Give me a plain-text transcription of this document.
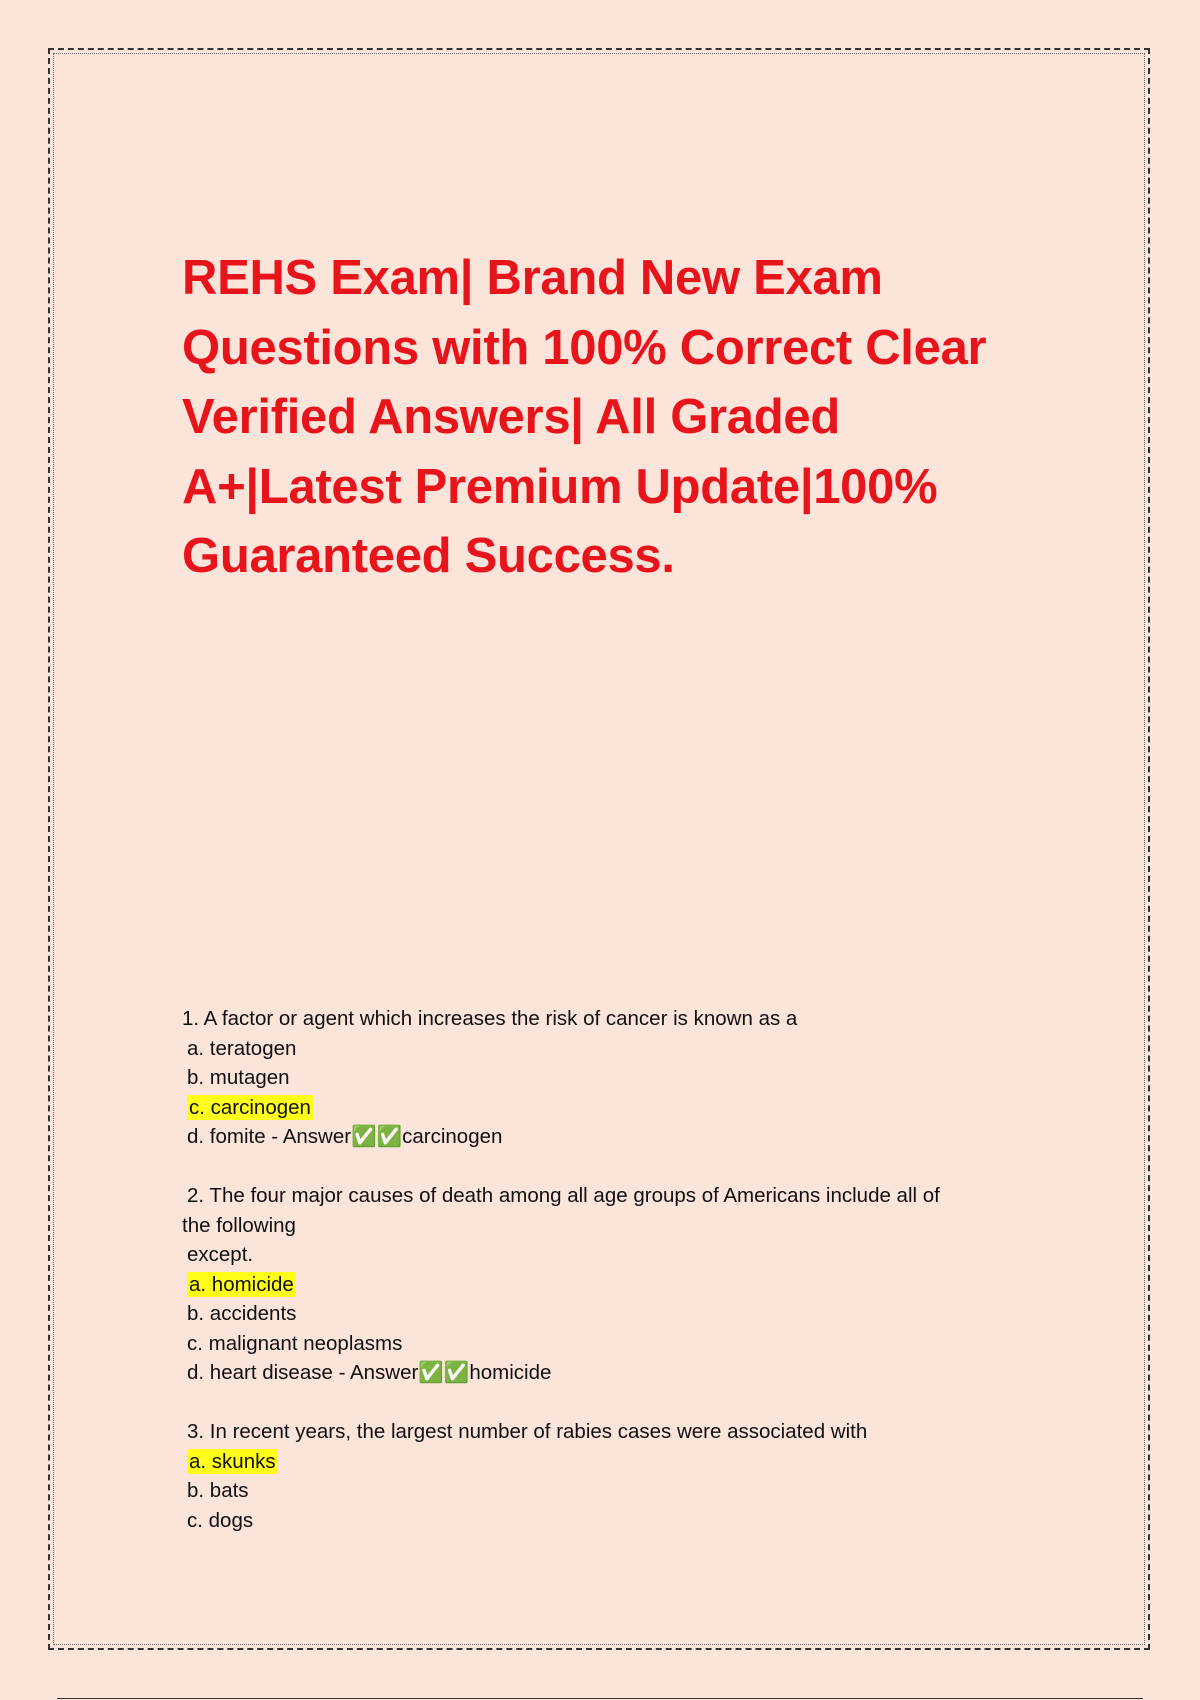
REHS Exam| Brand New Exam
Questions with 100% Correct Clear
Verified Answers| All Graded
A+|Latest Premium Update|100%
Guaranteed Success.
1. A factor or agent which increases the risk of cancer is known as a
a. teratogen
b. mutagen
c. carcinogen
d. fomite - Answer✅✅carcinogen
2. The four major causes of death among all age groups of Americans include all of
the following
except.
a. homicide
b. accidents
c. malignant neoplasms
d. heart disease - Answer✅✅homicide
3. In recent years, the largest number of rabies cases were associated with
a. skunks
b. bats
c. dogs
